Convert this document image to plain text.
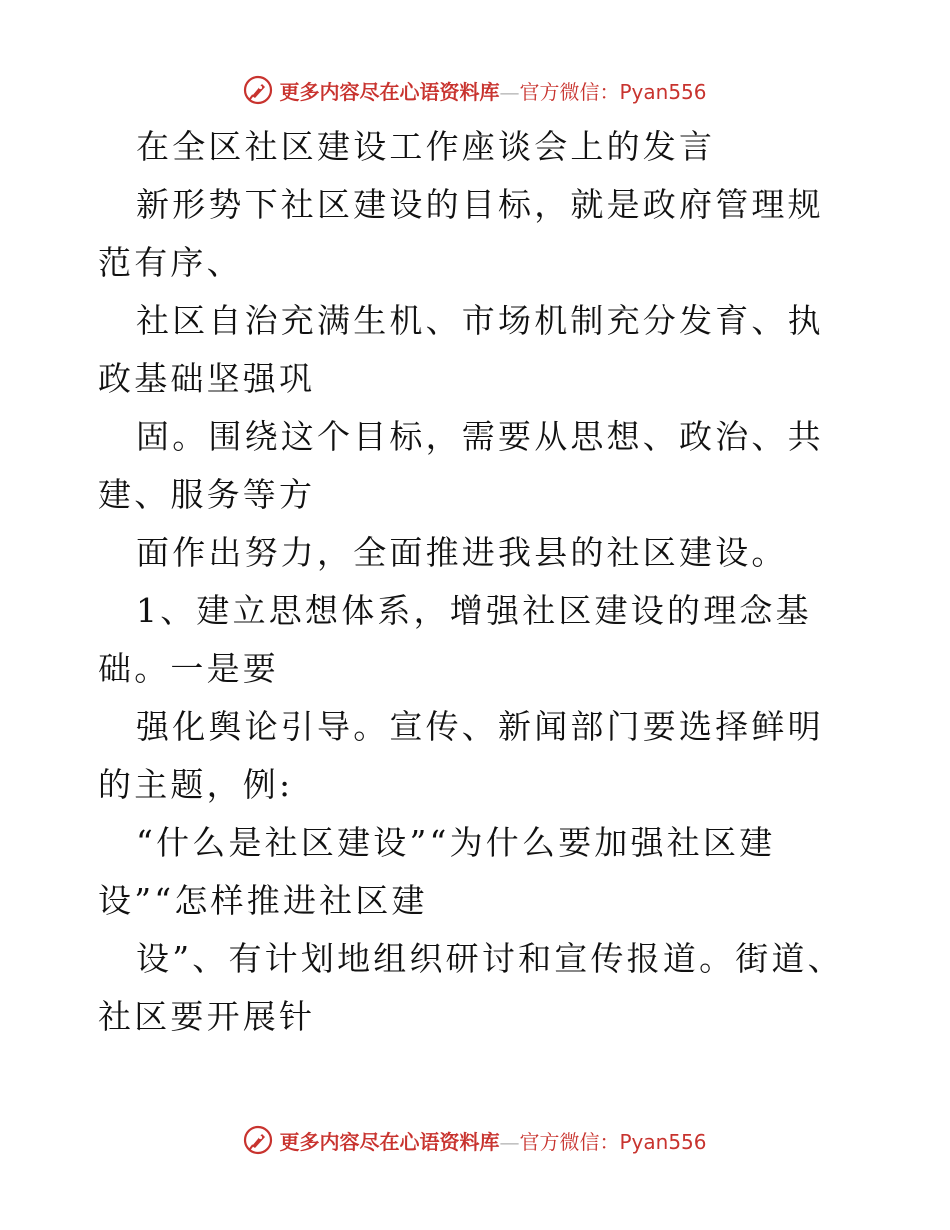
更多内容尽在心语资料库—官方微信：Pyan556

在全区社区建设工作座谈会上的发言

新形势下社区建设的目标，就是政府管理规范有序、

社区自治充满生机、市场机制充分发育、执政基础坚强巩

固。围绕这个目标，需要从思想、政治、共建、服务等方

面作出努力，全面推进我县的社区建设。

1、建立思想体系，增强社区建设的理念基础。一是要

强化舆论引导。宣传、新闻部门要选择鲜明的主题，例:

“什么是社区建设”“为什么要加强社区建设”“怎样推进社区建

设”、有计划地组织研讨和宣传报道。街道、社区要开展针

更多内容尽在心语资料库—官方微信：Pyan556
